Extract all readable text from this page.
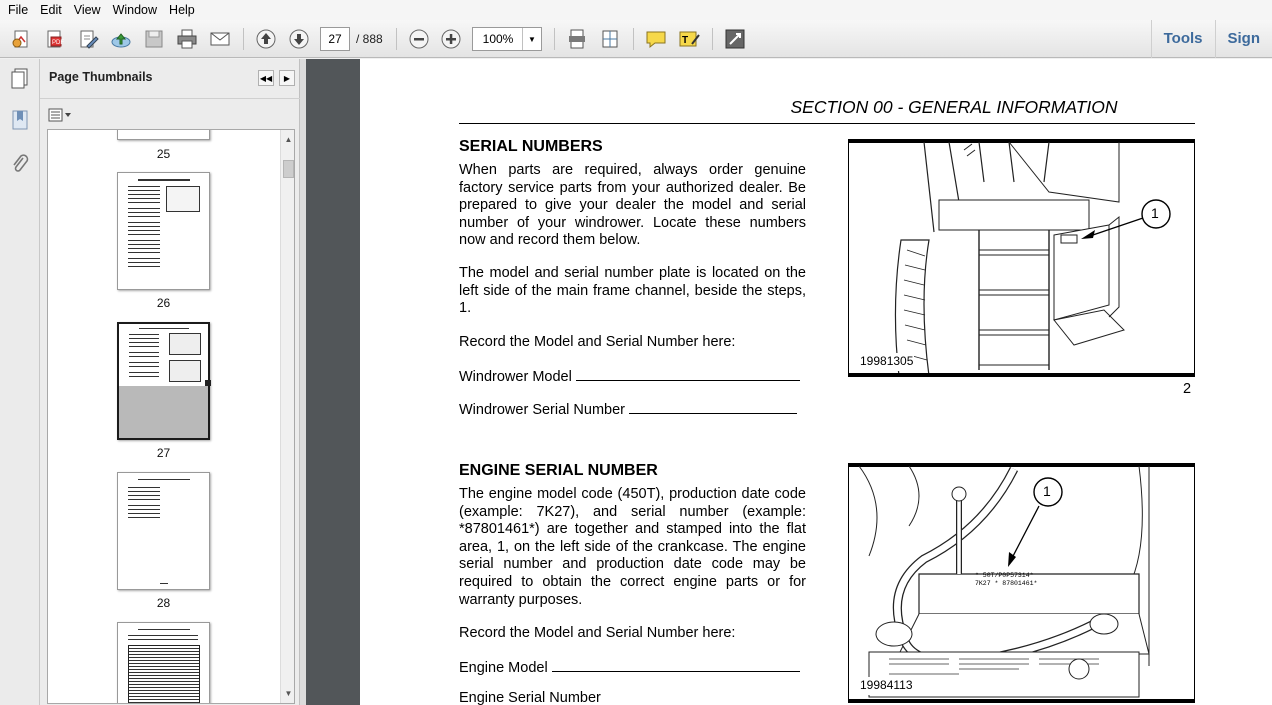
File Edit View Window Help
PDF	27	/ 888	100%	▼	T	Tools	Sign
Page Thumbnails	◀◀	▶
25
26
27
28
▲
▼
SECTION 00 - GENERAL INFORMATION
SERIAL NUMBERS
When parts are required, always order genuine factory service parts from your authorized dealer. Be prepared to give your dealer the model and serial number of your windrower. Locate these numbers now and record them below.
The model and serial number plate is located on the left side of the main frame channel, beside the steps, 1.
Record the Model and Serial Number here:
Windrower Model
Windrower Serial Number
1
19981305
2
ENGINE SERIAL NUMBER
The engine model code (450T), production date code (example: 7K27), and serial number (example: *87801461*) are together and stamped into the flat area, 1, on the left side of the crankcase. The engine serial number and production date code may be required to obtain the correct engine parts or for warranty purposes.
Record the Model and Serial Number here:
Engine Model
Engine Serial Number
1
* 50T/P0P57314*
7K27 * 87801461*
19984113
